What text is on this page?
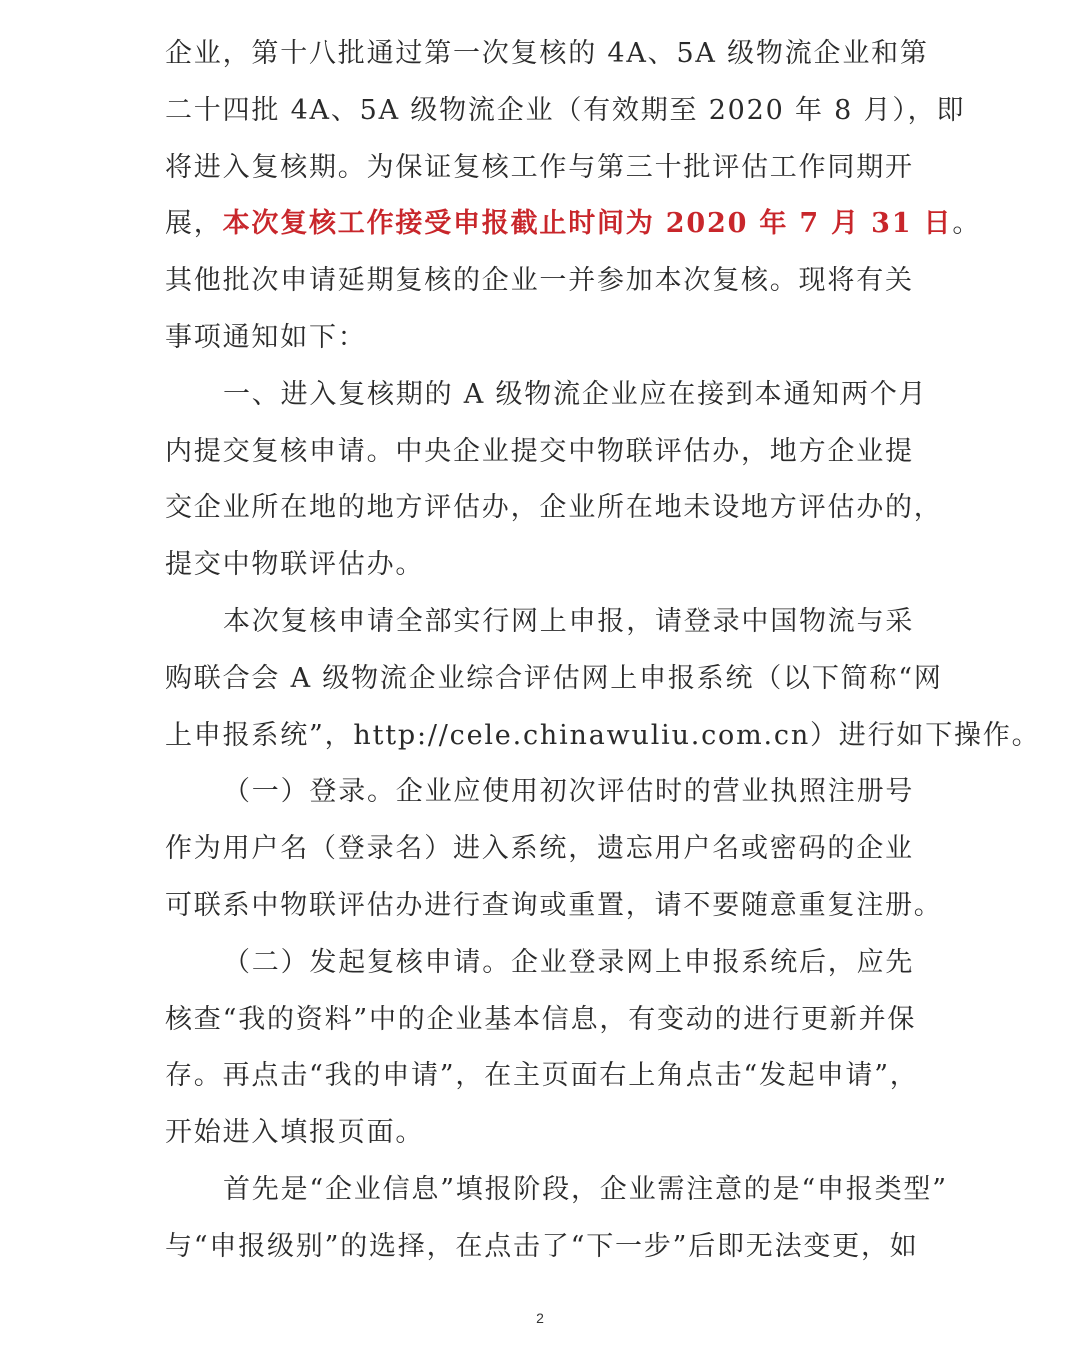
企业，第十八批通过第一次复核的 4A、5A 级物流企业和第
二十四批 4A、5A 级物流企业（有效期至 2020 年 8 月），即
将进入复核期。为保证复核工作与第三十批评估工作同期开
展，本次复核工作接受申报截止时间为 2020 年 7 月 31 日。
其他批次申请延期复核的企业一并参加本次复核。现将有关
事项通知如下：
一、进入复核期的 A 级物流企业应在接到本通知两个月
内提交复核申请。中央企业提交中物联评估办，地方企业提
交企业所在地的地方评估办，企业所在地未设地方评估办的，
提交中物联评估办。
本次复核申请全部实行网上申报，请登录中国物流与采
购联合会 A 级物流企业综合评估网上申报系统（以下简称“网
上申报系统”，http://cele.chinawuliu.com.cn）进行如下操作。
（一）登录。企业应使用初次评估时的营业执照注册号
作为用户名（登录名）进入系统，遗忘用户名或密码的企业
可联系中物联评估办进行查询或重置，请不要随意重复注册。
（二）发起复核申请。企业登录网上申报系统后，应先
核查“我的资料”中的企业基本信息，有变动的进行更新并保
存。再点击“我的申请”，在主页面右上角点击“发起申请”，
开始进入填报页面。
首先是“企业信息”填报阶段，企业需注意的是“申报类型”
与“申报级别”的选择，在点击了“下一步”后即无法变更，如
2
